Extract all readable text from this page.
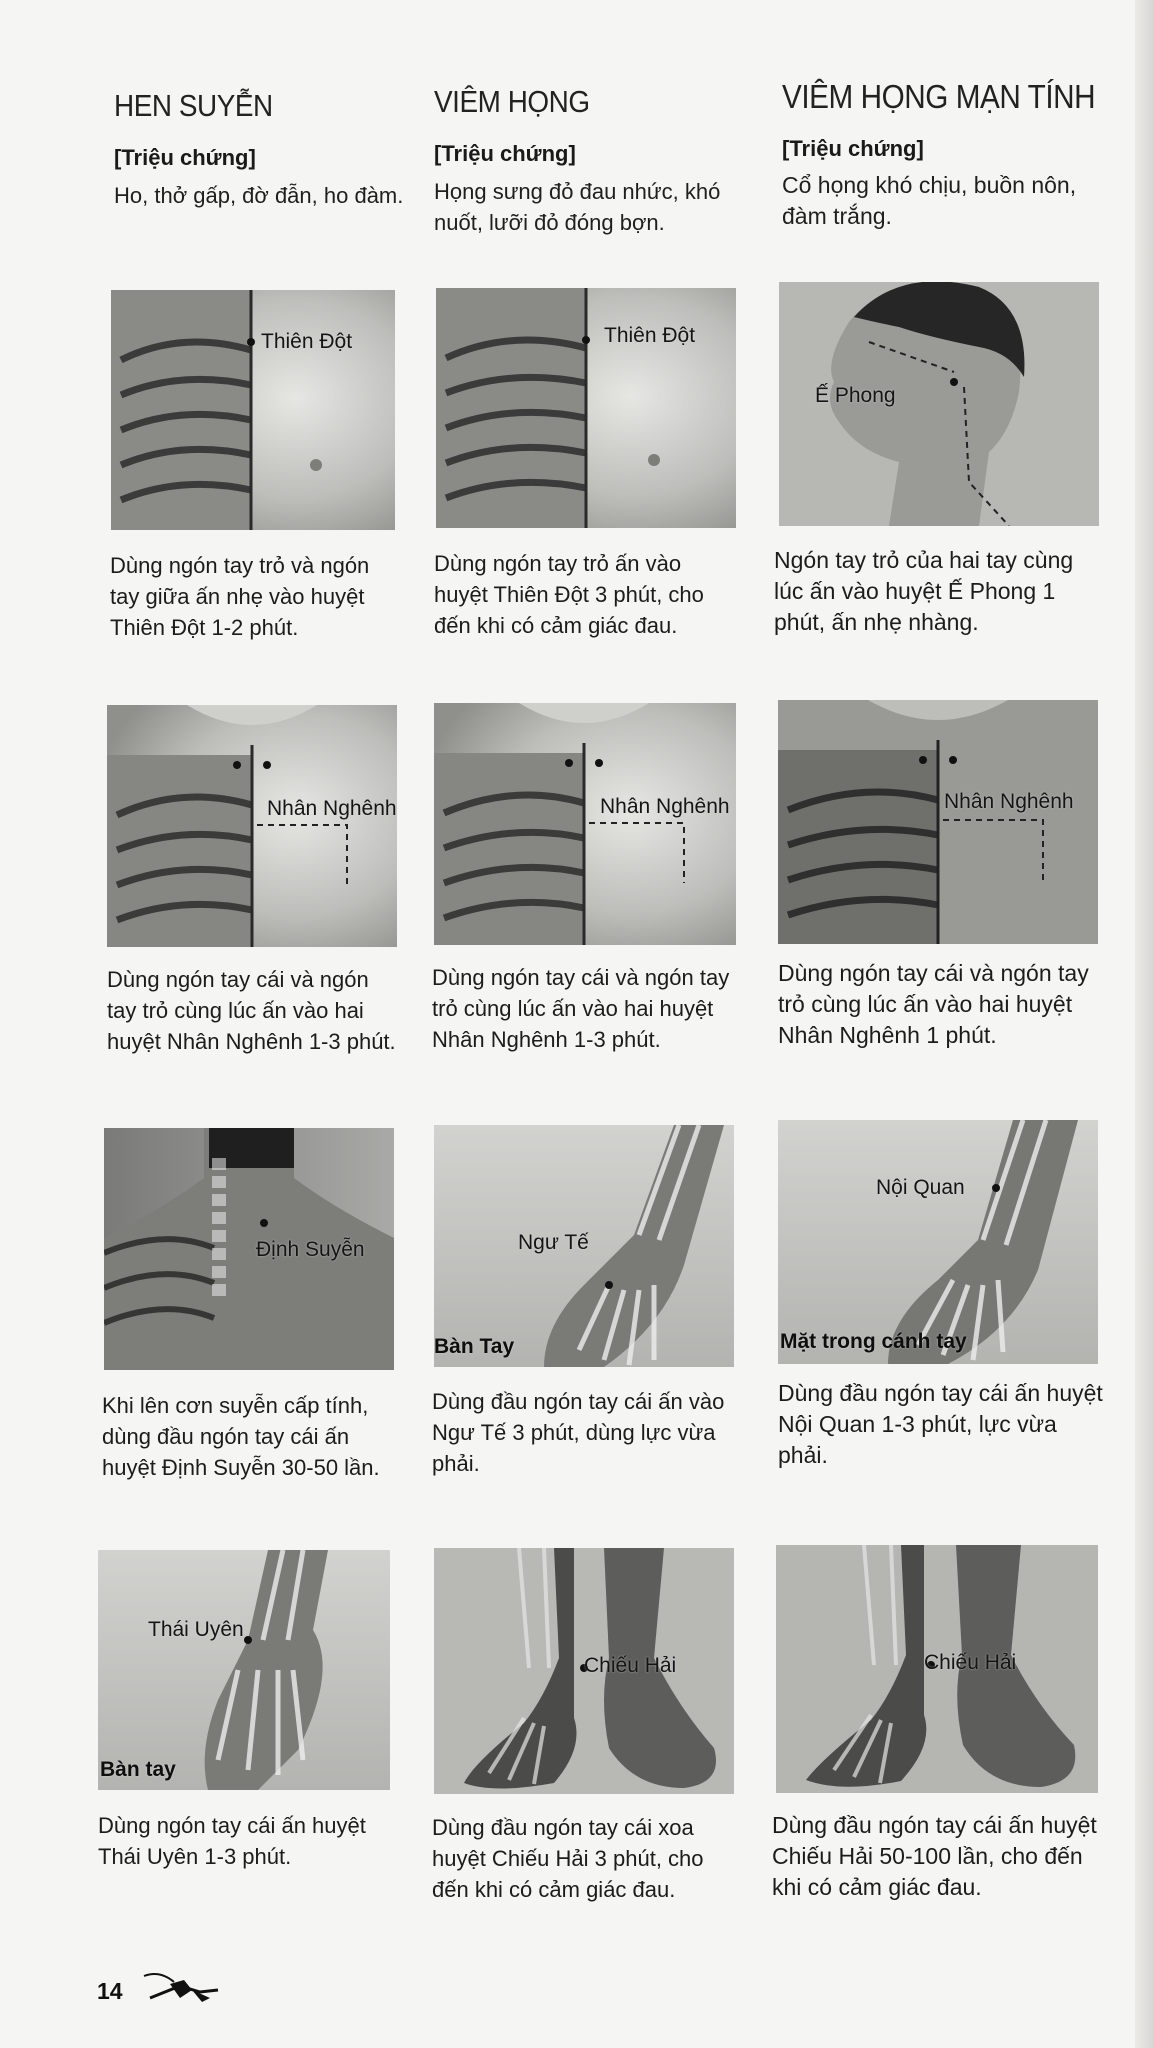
HEN SUYỄN
[Triệu chứng]
Ho, thở gấp, đờ đẫn, ho đàm.
Thiên Đột
Dùng ngón tay trỏ và ngón tay giữa ấn nhẹ vào huyệt Thiên Đột 1-2 phút.
Nhân Nghênh
Dùng ngón tay cái và ngón tay trỏ cùng lúc ấn vào hai huyệt Nhân Nghênh 1-3 phút.
Định Suyễn
Khi lên cơn suyễn cấp tính, dùng đầu ngón tay cái ấn huyệt Định Suyễn 30-50 lần.
Thái Uyên
Bàn tay
Dùng ngón tay cái ấn huyệt Thái Uyên 1-3 phút.
VIÊM HỌNG
[Triệu chứng]
Họng sưng đỏ đau nhức, khó nuốt, lưỡi đỏ đóng bợn.
Thiên Đột
Dùng ngón tay trỏ ấn vào huyệt Thiên Đột 3 phút, cho đến khi có cảm giác đau.
Nhân Nghênh
Dùng ngón tay cái và ngón tay trỏ cùng lúc ấn vào hai huyệt Nhân Nghênh 1-3 phút.
Ngư Tế
Bàn Tay
Dùng đầu ngón tay cái ấn vào Ngư Tế 3 phút, dùng lực vừa phải.
Chiếu Hải
Dùng đầu ngón tay cái xoa huyệt Chiếu Hải 3 phút, cho đến khi có cảm giác đau.
VIÊM HỌNG MẠN TÍNH
[Triệu chứng]
Cổ họng khó chịu, buồn nôn, đàm trắng.
Ế Phong
Ngón tay trỏ của hai tay cùng lúc ấn vào huyệt Ế Phong 1 phút, ấn nhẹ nhàng.
Nhân Nghênh
Dùng ngón tay cái và ngón tay trỏ cùng lúc ấn vào hai huyệt Nhân Nghênh 1 phút.
Nội Quan
Mặt trong cánh tay
Dùng đầu ngón tay cái ấn huyệt Nội Quan 1-3 phút, lực vừa phải.
Chiếu Hải
Dùng đầu ngón tay cái ấn huyệt Chiếu Hải 50-100 lần, cho đến khi có cảm giác đau.
14
